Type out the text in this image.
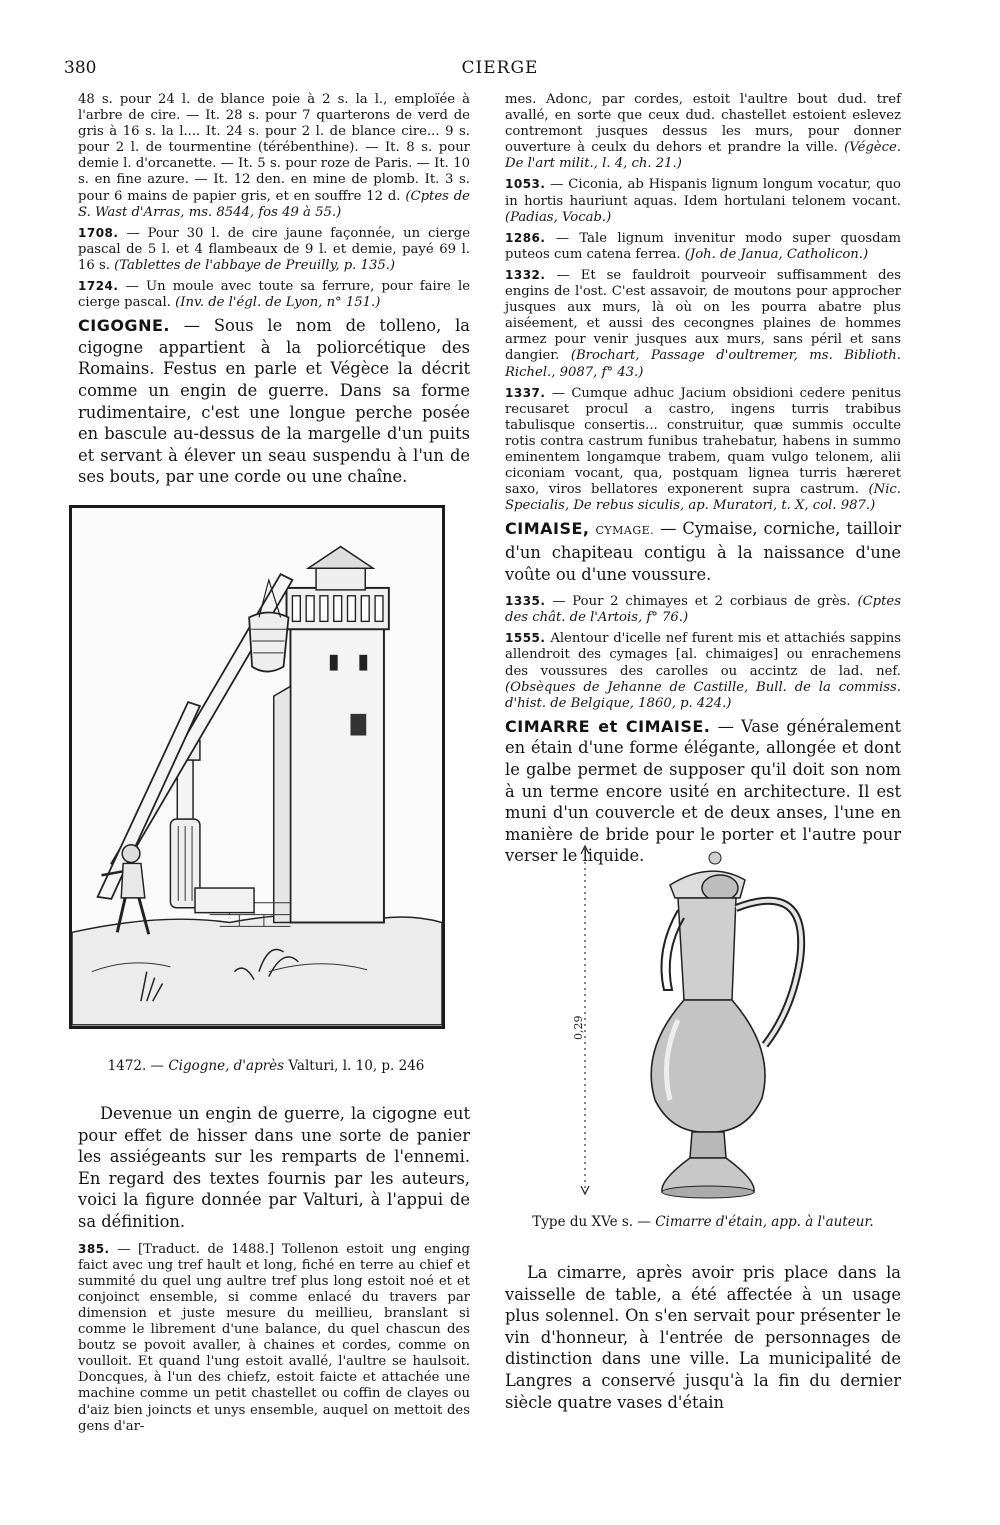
380	CIERGE

48 s. pour 24 l. de blance poie à 2 s. la l., emploïée à l'arbre de cire. — It. 28 s. pour 7 quarterons de verd de gris à 16 s. la l.... It. 24 s. pour 2 l. de blance cire... 9 s. pour 2 l. de tourmentine (térébenthine). — It. 8 s. pour demie l. d'orcanette. — It. 5 s. pour roze de Paris. — It. 10 s. en fine azure. — It. 12 den. en mine de plomb. It. 3 s. pour 6 mains de papier gris, et en souffre 12 d. (Cptes de S. Wast d'Arras, ms. 8544, fos 49 à 55.)

1708. — Pour 30 l. de cire jaune façonnée, un cierge pascal de 5 l. et 4 flambeaux de 9 l. et demie, payé 69 l. 16 s. (Tablettes de l'abbaye de Preuilly, p. 135.)

1724. — Un moule avec toute sa ferrure, pour faire le cierge pascal. (Inv. de l'égl. de Lyon, n° 151.)

CIGOGNE. — Sous le nom de tolleno, la cigogne appartient à la poliorcétique des Romains. Festus en parle et Végèce la décrit comme un engin de guerre. Dans sa forme rudimentaire, c'est une longue perche posée en bascule au-dessus de la margelle d'un puits et servant à élever un seau suspendu à l'un de ses bouts, par une corde ou une chaîne.

1472. — Cigogne, d'après Valturi, l. 10, p. 246

Devenue un engin de guerre, la cigogne eut pour effet de hisser dans une sorte de panier les assiégeants sur les remparts de l'ennemi. En regard des textes fournis par les auteurs, voici la figure donnée par Valturi, à l'appui de sa définition.

385. — [Traduct. de 1488.] Tollenon estoit ung enging faict avec ung tref hault et long, fiché en terre au chief et summité du quel ung aultre tref plus long estoit noé et et conjoinct ensemble, si comme enlacé du travers par dimension et juste mesure du meillieu, branslant si comme le librement d'une balance, du quel chascun des boutz se povoit avaller, à chaines et cordes, comme on voulloit. Et quand l'ung estoit avallé, l'aultre se haulsoit. Doncques, à l'un des chiefz, estoit faicte et attachée une machine comme un petit chastellet ou coffin de clayes ou d'aiz bien joincts et unys ensemble, auquel on mettoit des gens d'ar-

mes. Adonc, par cordes, estoit l'aultre bout dud. tref avallé, en sorte que ceux dud. chastellet estoient eslevez contremont jusques dessus les murs, pour donner ouverture à ceulx du dehors et prandre la ville. (Végèce. De l'art milit., l. 4, ch. 21.)

1053. — Ciconia, ab Hispanis lignum longum vocatur, quo in hortis hauriunt aquas. Idem hortulani telonem vocant. (Padias, Vocab.)

1286. — Tale lignum invenitur modo super quosdam puteos cum catena ferrea. (Joh. de Janua, Catholicon.)

1332. — Et se fauldroit pourveoir suffisamment des engins de l'ost. C'est assavoir, de moutons pour approcher jusques aux murs, là où on les pourra abatre plus aiséement, et aussi des cecongnes plaines de hommes armez pour venir jusques aux murs, sans péril et sans dangier. (Brochart, Passage d'oultremer, ms. Biblioth. Richel., 9087, f° 43.)

1337. — Cumque adhuc Jacium obsidioni cedere penitus recusaret procul a castro, ingens turris trabibus tabulisque consertis... construitur, quæ summis occulte rotis contra castrum funibus trahebatur, habens in summo eminentem longamque trabem, quam vulgo telonem, alii ciconiam vocant, qua, postquam lignea turris hæreret saxo, viros bellatores exponerent supra castrum. (Nic. Specialis, De rebus siculis, ap. Muratori, t. X, col. 987.)

CIMAISE, CYMAGE. — Cymaise, corniche, tailloir d'un chapiteau contigu à la naissance d'une voûte ou d'une voussure.

1335. — Pour 2 chimayes et 2 corbiaus de grès. (Cptes des chât. de l'Artois, f° 76.)

1555. Alentour d'icelle nef furent mis et attachiés sappins allendroit des cymages [al. chimaiges] ou enrachemens des voussures des carolles ou accintz de lad. nef. (Obsèques de Jehanne de Castille, Bull. de la commiss. d'hist. de Belgique, 1860, p. 424.)

CIMARRE et CIMAISE. — Vase généralement en étain d'une forme élégante, allongée et dont le galbe permet de supposer qu'il doit son nom à un terme encore usité en architecture. Il est muni d'un couvercle et de deux anses, l'une en manière de bride pour le porter et l'autre pour verser le liquide.

0,29
Type du XVe s. — Cimarre d'étain, app. à l'auteur.

La cimarre, après avoir pris place dans la vaisselle de table, a été affectée à un usage plus solennel. On s'en servait pour présenter le vin d'honneur, à l'entrée de personnages de distinction dans une ville. La municipalité de Langres a conservé jusqu'à la fin du dernier siècle quatre vases d'étain
